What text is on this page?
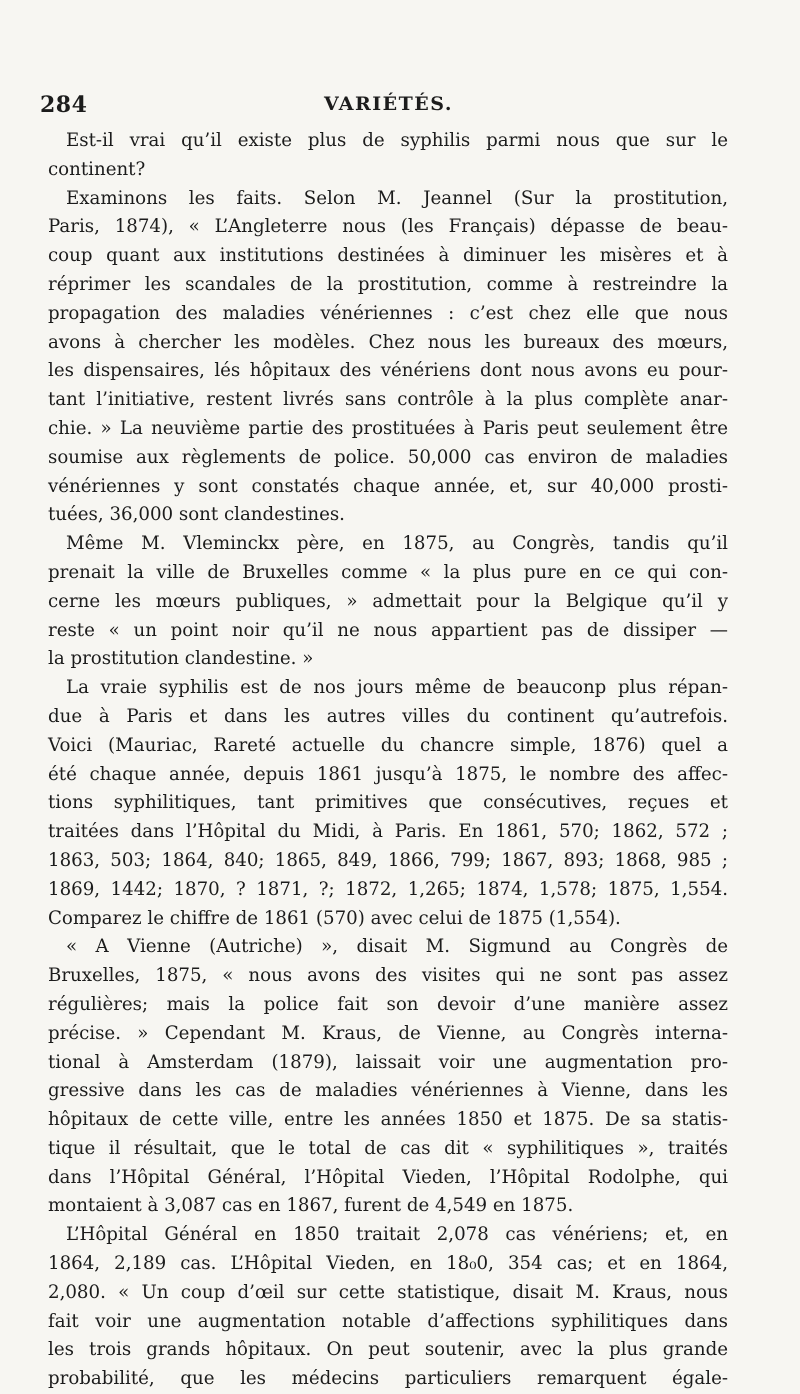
284	VARIÉTÉS.
Est-il vrai qu’il existe plus de syphilis parmi nous que sur le
continent?
Examinons les faits. Selon M. Jeannel (Sur la prostitution,
Paris, 1874), « L’Angleterre nous (les Français) dépasse de beau-
coup quant aux institutions destinées à diminuer les misères et à
réprimer les scandales de la prostitution, comme à restreindre la
propagation des maladies vénériennes : c’est chez elle que nous
avons à chercher les modèles. Chez nous les bureaux des mœurs,
les dispensaires, lés hôpitaux des vénériens dont nous avons eu pour-
tant l’initiative, restent livrés sans contrôle à la plus complète anar-
chie. » La neuvième partie des prostituées à Paris peut seulement être
soumise aux règlements de police. 50,000 cas environ de maladies
vénériennes y sont constatés chaque année, et, sur 40,000 prosti-
tuées, 36,000 sont clandestines.
Même M. Vleminckx père, en 1875, au Congrès, tandis qu’il
prenait la ville de Bruxelles comme « la plus pure en ce qui con-
cerne les mœurs publiques, » admettait pour la Belgique qu’il y
reste « un point noir qu’il ne nous appartient pas de dissiper —
la prostitution clandestine. »
La vraie syphilis est de nos jours même de beauconp plus répan-
due à Paris et dans les autres villes du continent qu’autrefois.
Voici (Mauriac, Rareté actuelle du chancre simple, 1876) quel a
été chaque année, depuis 1861 jusqu’à 1875, le nombre des affec-
tions syphilitiques, tant primitives que consécutives, reçues et
traitées dans l’Hôpital du Midi, à Paris. En 1861, 570; 1862, 572 ;
1863, 503; 1864, 840; 1865, 849, 1866, 799; 1867, 893; 1868, 985 ;
1869, 1442; 1870, ? 1871, ?; 1872, 1,265; 1874, 1,578; 1875, 1,554.
Comparez le chiffre de 1861 (570) avec celui de 1875 (1,554).
« A Vienne (Autriche) », disait M. Sigmund au Congrès de
Bruxelles, 1875, « nous avons des visites qui ne sont pas assez
régulières; mais la police fait son devoir d’une manière assez
précise. » Cependant M. Kraus, de Vienne, au Congrès interna-
tional à Amsterdam (1879), laissait voir une augmentation pro-
gressive dans les cas de maladies vénériennes à Vienne, dans les
hôpitaux de cette ville, entre les années 1850 et 1875. De sa statis-
tique il résultait, que le total de cas dit « syphilitiques », traités
dans l’Hôpital Général, l’Hôpital Vieden, l’Hôpital Rodolphe, qui
montaient à 3,087 cas en 1867, furent de 4,549 en 1875.
L’Hôpital Général en 1850 traitait 2,078 cas vénériens; et, en
1864, 2,189 cas. L’Hôpital Vieden, en 18₀0, 354 cas; et en 1864,
2,080. « Un coup d’œil sur cette statistique, disait M. Kraus, nous
fait voir une augmentation notable d’affections syphilitiques dans
les trois grands hôpitaux. On peut soutenir, avec la plus grande
probabilité, que les médecins particuliers remarquent égale-
